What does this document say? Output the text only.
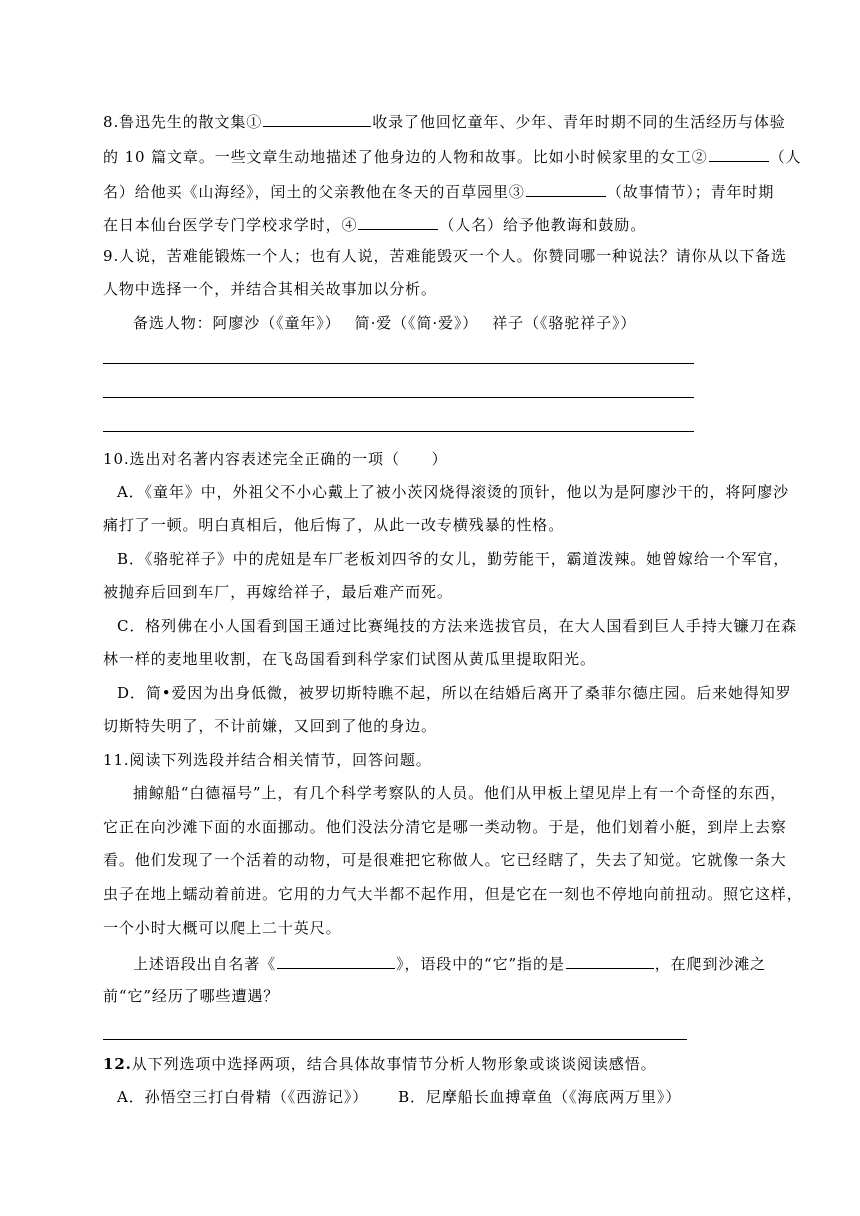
8.鲁迅先生的散文集①	收录了他回忆童年、少年、青年时期不同的生活经历与体验
的 10 篇文章。一些文章生动地描述了他身边的人物和故事。比如小时候家里的女工②	（人
名）给他买《山海经》，闰土的父亲教他在冬天的百草园里③	（故事情节）；青年时期
在日本仙台医学专门学校求学时，④	（人名）给予他教诲和鼓励。
9.人说，苦难能锻炼一个人；也有人说，苦难能毁灭一个人。你赞同哪一种说法？请你从以下备选
人物中选择一个，并结合其相关故事加以分析。
备选人物：阿廖沙（《童年》）　 简·爱（《简·爱》）　 祥子（《骆驼祥子》）
10.选出对名著内容表述完全正确的一项（　　）
A．《童年》中，外祖父不小心戴上了被小茨冈烧得滚烫的顶针，他以为是阿廖沙干的，将阿廖沙
痛打了一顿。明白真相后，他后悔了，从此一改专横残暴的性格。
B．《骆驼祥子》中的虎妞是车厂老板刘四爷的女儿，勤劳能干，霸道泼辣。她曾嫁给一个军官，
被抛弃后回到车厂，再嫁给祥子，最后难产而死。
C．格列佛在小人国看到国王通过比赛绳技的方法来选拔官员，在大人国看到巨人手持大镰刀在森
林一样的麦地里收割，在飞岛国看到科学家们试图从黄瓜里提取阳光。
D．简•爱因为出身低微，被罗切斯特瞧不起，所以在结婚后离开了桑菲尔德庄园。后来她得知罗
切斯特失明了，不计前嫌，又回到了他的身边。
11.阅读下列选段并结合相关情节，回答问题。
捕鲸船“白德福号”上，有几个科学考察队的人员。他们从甲板上望见岸上有一个奇怪的东西，
它正在向沙滩下面的水面挪动。他们没法分清它是哪一类动物。于是，他们划着小艇，到岸上去察
看。他们发现了一个活着的动物，可是很难把它称做人。它已经瞎了，失去了知觉。它就像一条大
虫子在地上蠕动着前进。它用的力气大半都不起作用，但是它在一刻也不停地向前扭动。照它这样，
一个小时大概可以爬上二十英尺。
上述语段出自名著《	》，语段中的“它”指的是	，在爬到沙滩之
前“它”经历了哪些遭遇？
12.从下列选项中选择两项，结合具体故事情节分析人物形象或谈谈阅读感悟。
A．孙悟空三打白骨精（《西游记》）　　 B．尼摩船长血搏章鱼（《海底两万里》）
